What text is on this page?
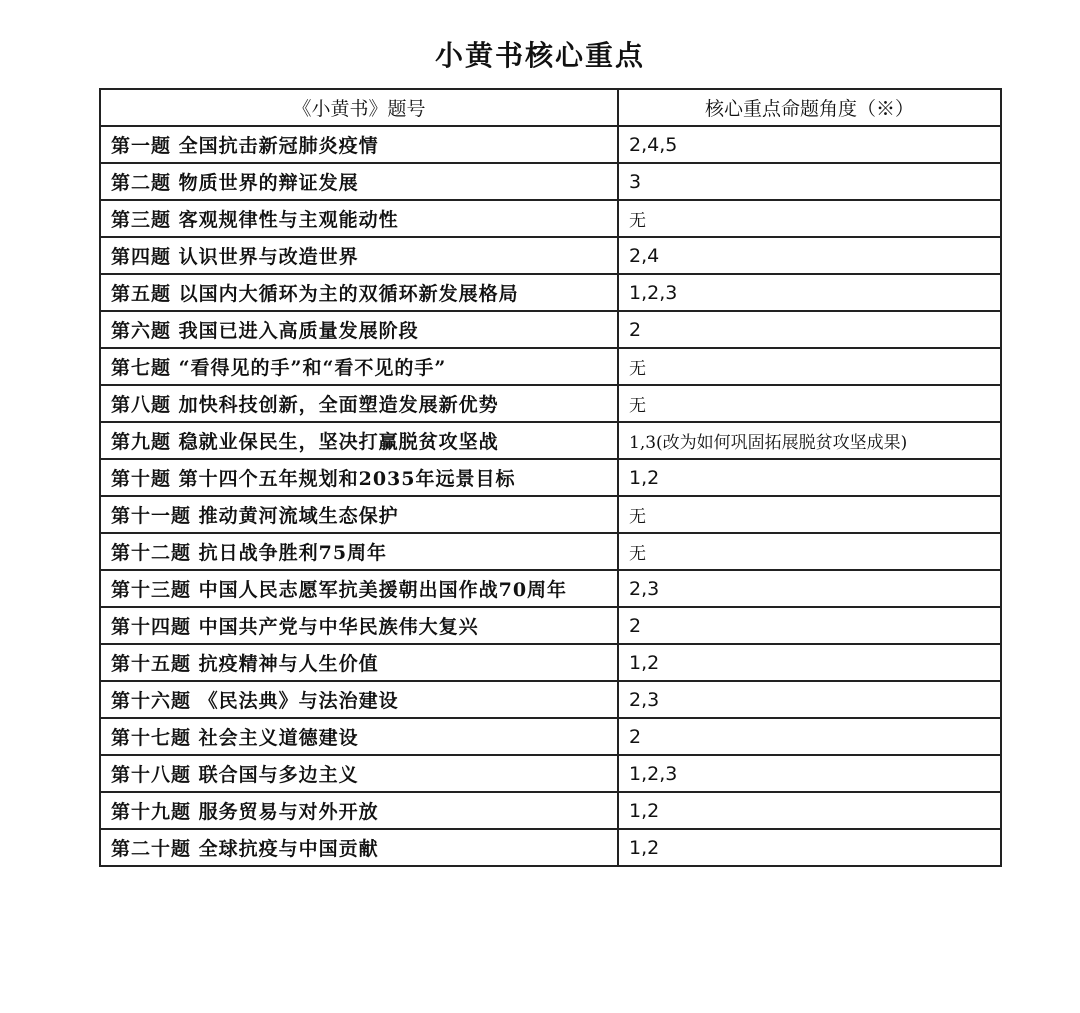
小黄书核心重点
《小黄书》题号	核心重点命题角度（※）
第一题 全国抗击新冠肺炎疫情	2,4,5
第二题 物质世界的辩证发展	3
第三题 客观规律性与主观能动性	无
第四题 认识世界与改造世界	2,4
第五题 以国内大循环为主的双循环新发展格局	1,2,3
第六题 我国已进入高质量发展阶段	2
第七题 “看得见的手”和“看不见的手”	无
第八题 加快科技创新，全面塑造发展新优势	无
第九题 稳就业保民生，坚决打赢脱贫攻坚战	1,3(改为如何巩固拓展脱贫攻坚成果)
第十题 第十四个五年规划和2035年远景目标	1,2
第十一题 推动黄河流域生态保护	无
第十二题 抗日战争胜利75周年	无
第十三题 中国人民志愿军抗美援朝出国作战70周年	2,3
第十四题 中国共产党与中华民族伟大复兴	2
第十五题 抗疫精神与人生价值	1,2
第十六题 《民法典》与法治建设	2,3
第十七题 社会主义道德建设	2
第十八题 联合国与多边主义	1,2,3
第十九题 服务贸易与对外开放	1,2
第二十题 全球抗疫与中国贡献	1,2
